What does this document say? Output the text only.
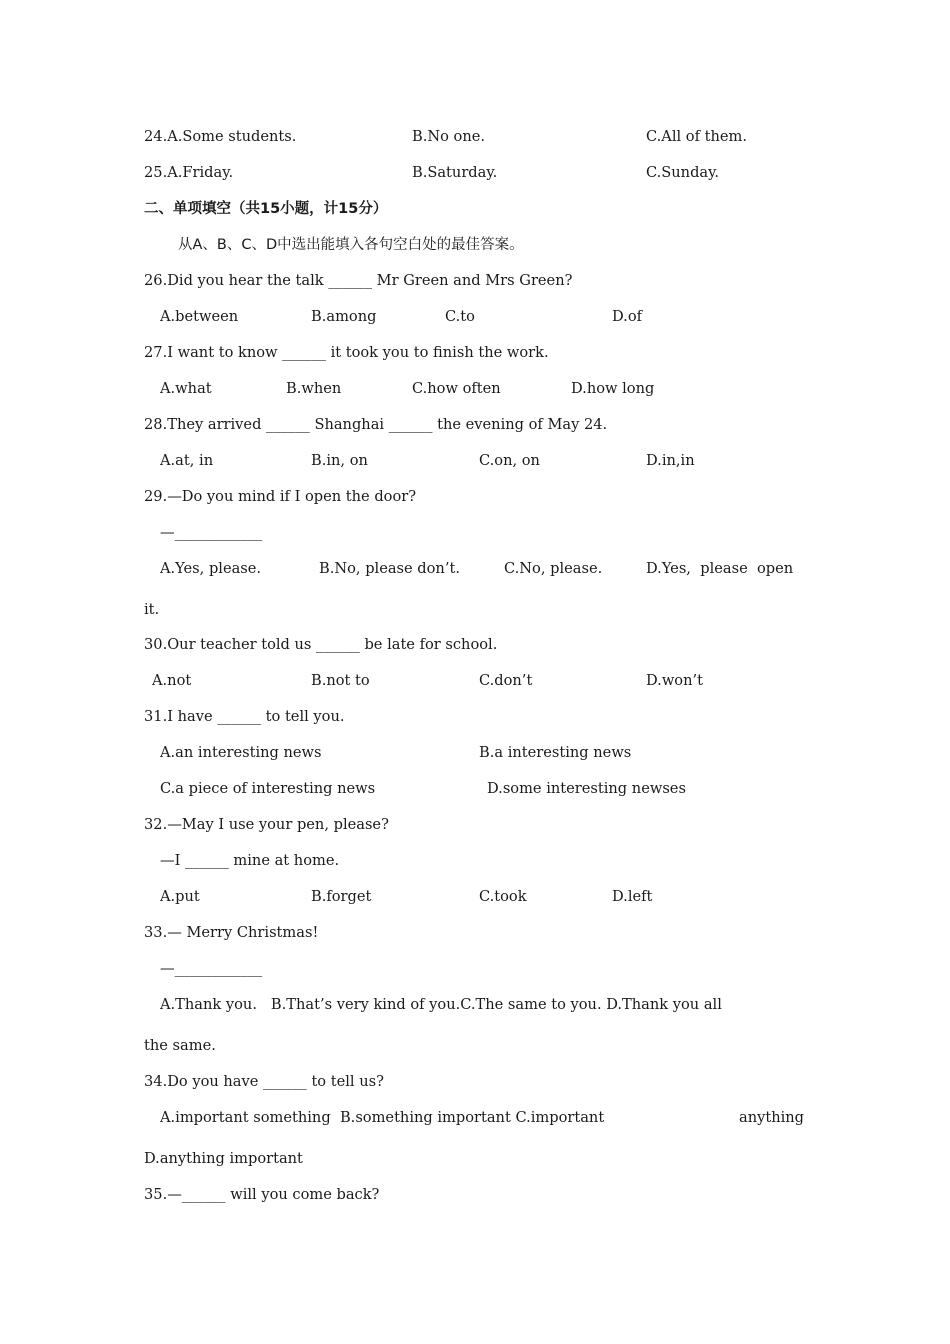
24.A.Some students.	B.No one.	C.All of them.
25.A.Friday.	B.Saturday.	C.Sunday.
二、单项填空（共15小题，计15分）
从A、B、C、D中选出能填入各句空白处的最佳答案。
26.Did you hear the talk ______ Mr Green and Mrs Green?
A.between	B.among	C.to	D.of
27.I want to know ______ it took you to finish the work.
A.what	B.when	C.how often	D.how long
28.They arrived ______ Shanghai ______ the evening of May 24.
A.at, in	B.in, on	C.on, on	D.in,in
29.—Do you mind if I open the door?
—____________
A.Yes, please.	B.No, please don’t.	C.No, please.	D.Yes,  please  open
it.
30.Our teacher told us ______ be late for school.
A.not	B.not to	C.don’t	D.won’t
31.I have ______ to tell you.
A.an interesting news	B.a interesting news
C.a piece of interesting news	D.some interesting newses
32.—May I use your pen, please?
—I ______ mine at home.
A.put	B.forget	C.took	D.left
33.— Merry Christmas!
—____________
A.Thank you.   B.That’s very kind of you.C.The same to you. D.Thank you all
the same.
34.Do you have ______ to tell us?
A.important something  B.something important C.important	anything
D.anything important
35.—______ will you come back?
